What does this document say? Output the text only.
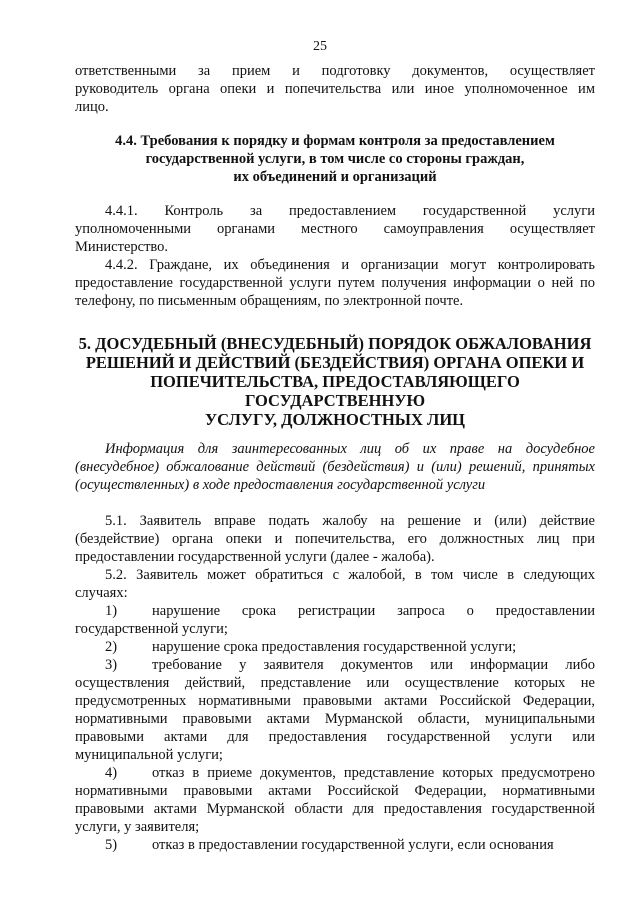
25
ответственными за прием и подготовку документов, осуществляет
руководитель органа опеки и попечительства или иное уполномоченное им
лицо.
4.4. Требования к порядку и формам контроля за предоставлением
государственной услуги, в том числе со стороны граждан,
их объединений и организаций
4.4.1. Контроль за предоставлением государственной услуги
уполномоченными органами местного самоуправления осуществляет
Министерство.
4.4.2. Граждане, их объединения и организации могут контролировать
предоставление государственной услуги путем получения информации о ней по
телефону, по письменным обращениям, по электронной почте.
5. ДОСУДЕБНЫЙ (ВНЕСУДЕБНЫЙ) ПОРЯДОК ОБЖАЛОВАНИЯ
РЕШЕНИЙ И ДЕЙСТВИЙ (БЕЗДЕЙСТВИЯ) ОРГАНА ОПЕКИ И
ПОПЕЧИТЕЛЬСТВА, ПРЕДОСТАВЛЯЮЩЕГО ГОСУДАРСТВЕННУЮ
УСЛУГУ, ДОЛЖНОСТНЫХ ЛИЦ
Информация для заинтересованных лиц об их праве на досудебное
(внесудебное) обжалование действий (бездействия) и (или) решений, принятых
(осуществленных) в ходе предоставления государственной услуги
5.1. Заявитель вправе подать жалобу на решение и (или) действие
(бездействие) органа опеки и попечительства, его должностных лиц при
предоставлении государственной услуги (далее - жалоба).
5.2. Заявитель может обратиться с жалобой, в том числе в следующих
случаях:
1) нарушение срока регистрации запроса о предоставлении
государственной услуги;
2) нарушение срока предоставления государственной услуги;
3) требование у заявителя документов или информации либо
осуществления действий, представление или осуществление которых не
предусмотренных нормативными правовыми актами Российской Федерации,
нормативными правовыми актами Мурманской области, муниципальными
правовыми актами для предоставления государственной услуги или
муниципальной услуги;
4) отказ в приеме документов, представление которых предусмотрено
нормативными правовыми актами Российской Федерации, нормативными
правовыми актами Мурманской области для предоставления государственной
услуги, у заявителя;
5) отказ в предоставлении государственной услуги, если основания
